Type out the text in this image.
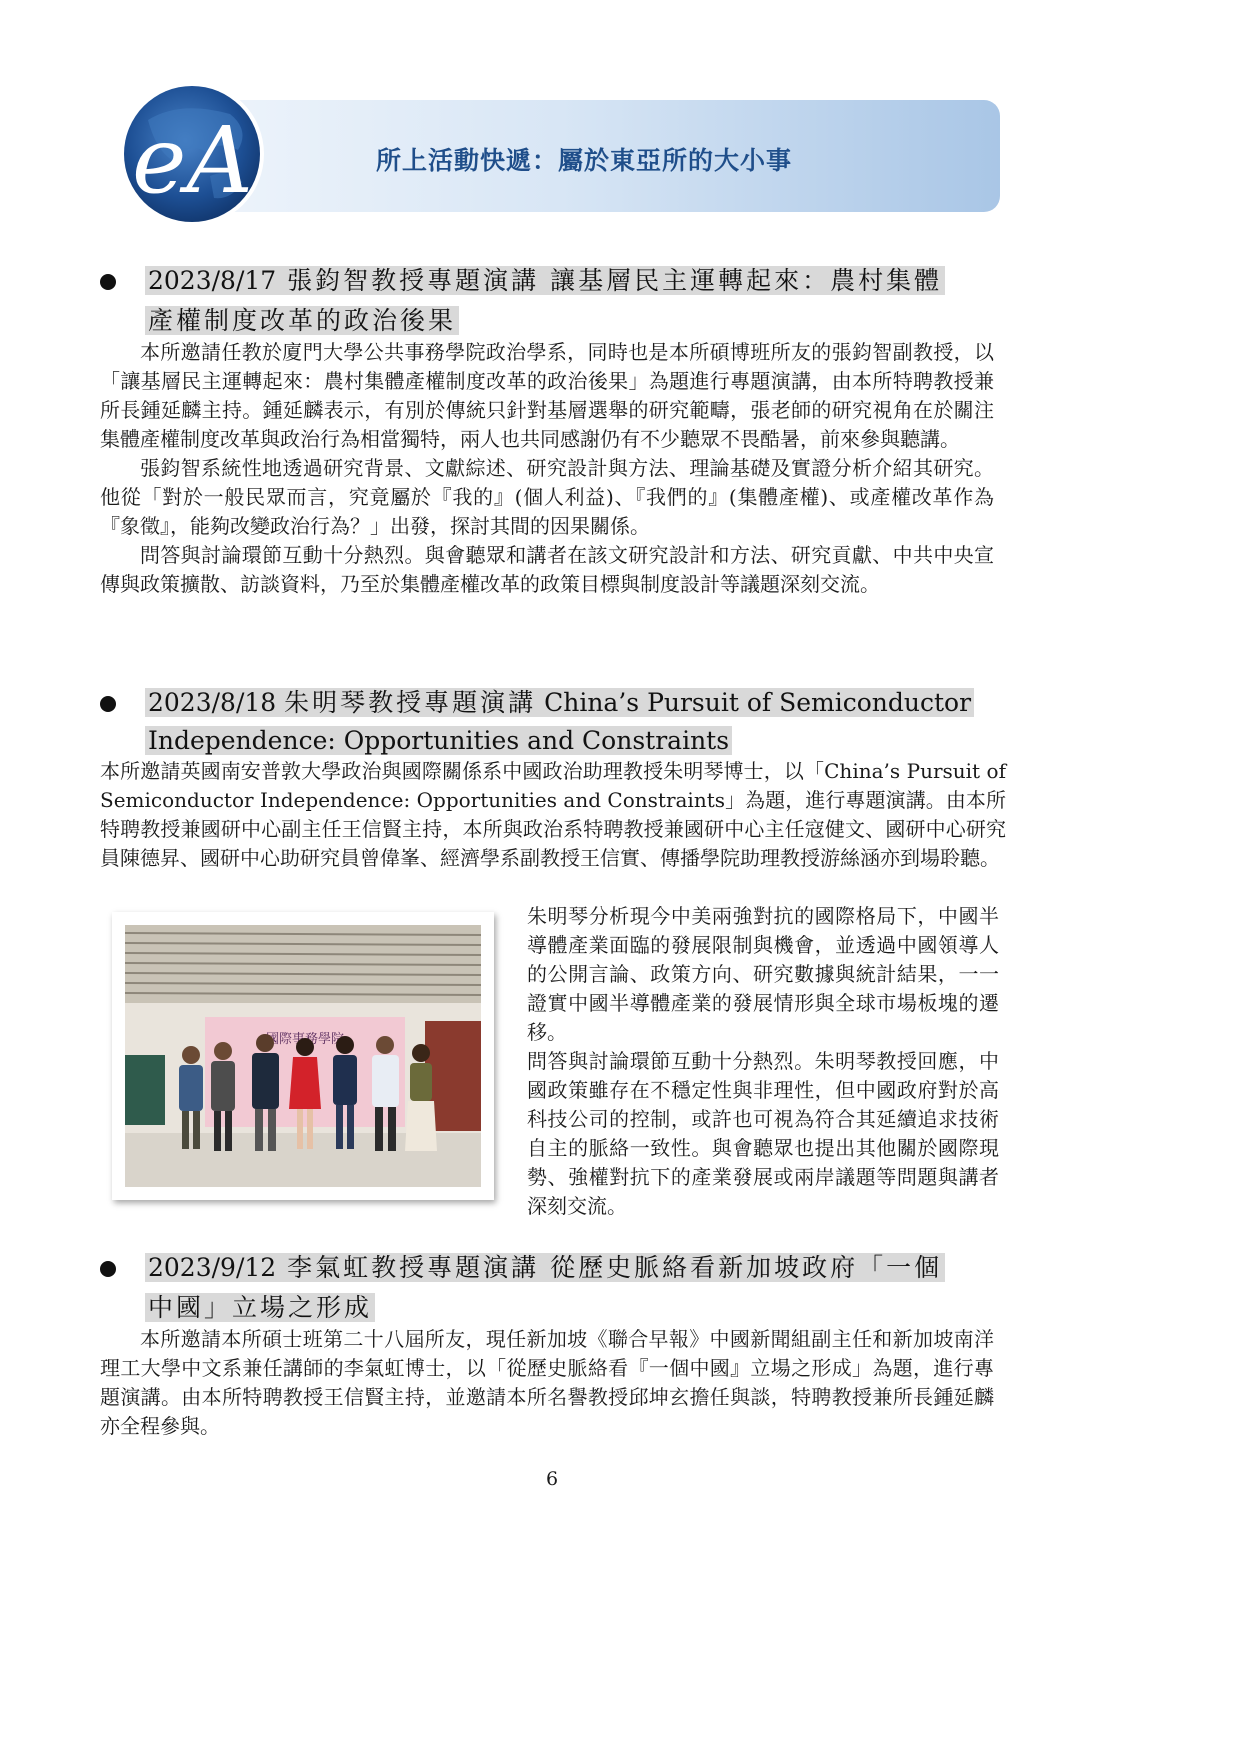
eA	所上活動快遞：屬於東亞所的大小事
2023/8/17 張鈞智教授專題演講 讓基層民主運轉起來：農村集體
產權制度改革的政治後果

本所邀請任教於廈門大學公共事務學院政治學系，同時也是本所碩博班所友的張鈞智副教授，以「讓基層民主運轉起來：農村集體產權制度改革的政治後果」為題進行專題演講，由本所特聘教授兼所長鍾延麟主持。鍾延麟表示，有別於傳統只針對基層選舉的研究範疇，張老師的研究視角在於關注集體產權制度改革與政治行為相當獨特，兩人也共同感謝仍有不少聽眾不畏酷暑，前來參與聽講。

張鈞智系統性地透過研究背景、文獻綜述、研究設計與方法、理論基礎及實證分析介紹其研究。他從「對於一般民眾而言，究竟屬於『我的』(個人利益)、『我們的』(集體產權)、或產權改革作為『象徵』，能夠改變政治行為？」出發，探討其間的因果關係。

問答與討論環節互動十分熱烈。與會聽眾和講者在該文研究設計和方法、研究貢獻、中共中央宣傳與政策擴散、訪談資料，乃至於集體產權改革的政策目標與制度設計等議題深刻交流。

2023/8/18 朱明琴教授專題演講 China’s Pursuit of Semiconductor
Independence: Opportunities and Constraints

本所邀請英國南安普敦大學政治與國際關係系中國政治助理教授朱明琴博士，以「China’s Pursuit of Semiconductor Independence: Opportunities and Constraints」為題，進行專題演講。由本所特聘教授兼國研中心副主任王信賢主持，本所與政治系特聘教授兼國研中心主任寇健文、國研中心研究員陳德昇、國研中心助研究員曾偉峯、經濟學系副教授王信實、傳播學院助理教授游絲涵亦到場聆聽。

朱明琴分析現今中美兩強對抗的國際格局下，中國半導體產業面臨的發展限制與機會，並透過中國領導人的公開言論、政策方向、研究數據與統計結果，一一證實中國半導體產業的發展情形與全球市場板塊的遷移。

問答與討論環節互動十分熱烈。朱明琴教授回應，中國政策雖存在不穩定性與非理性，但中國政府對於高科技公司的控制，或許也可視為符合其延續追求技術自主的脈絡一致性。與會聽眾也提出其他關於國際現勢、強權對抗下的產業發展或兩岸議題等問題與講者深刻交流。

2023/9/12 李氣虹教授專題演講 從歷史脈絡看新加坡政府「一個
中國」立場之形成

本所邀請本所碩士班第二十八屆所友，現任新加坡《聯合早報》中國新聞組副主任和新加坡南洋理工大學中文系兼任講師的李氣虹博士，以「從歷史脈絡看『一個中國』立場之形成」為題，進行專題演講。由本所特聘教授王信賢主持，並邀請本所名譽教授邱坤玄擔任與談，特聘教授兼所長鍾延麟亦全程參與。

6
